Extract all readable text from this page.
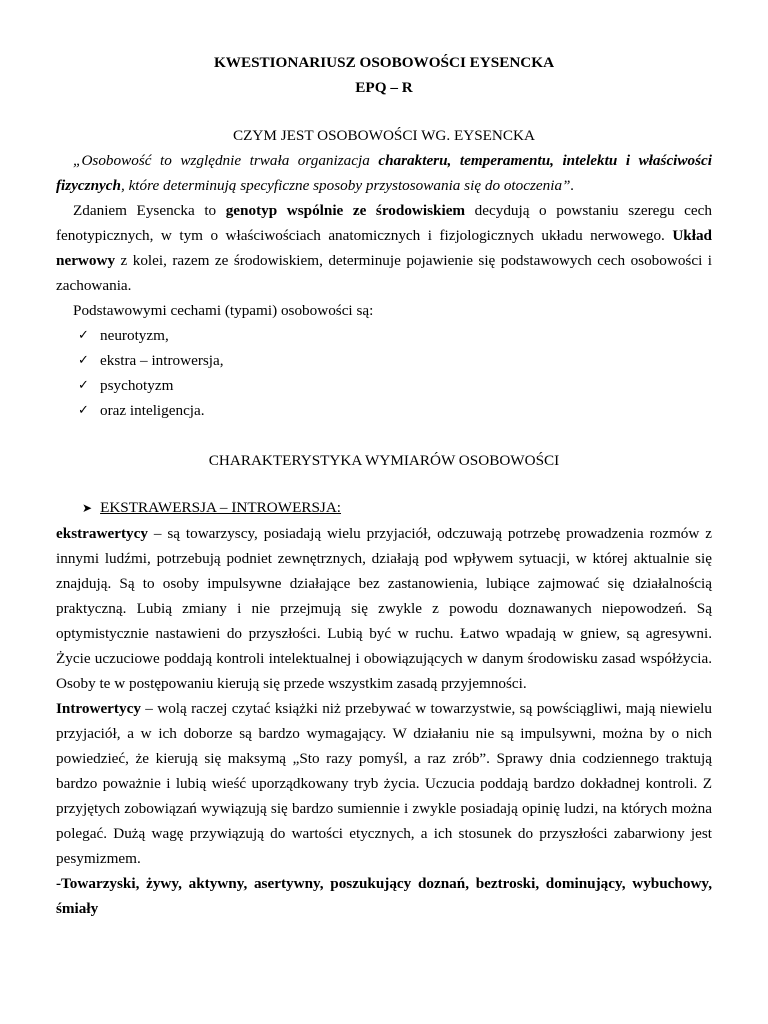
KWESTIONARIUSZ OSOBOWOŚCI EYSENCKA
EPQ – R
CZYM JEST OSOBOWOŚCI WG. EYSENCKA

„Osobowość to względnie trwała organizacja charakteru, temperamentu, intelektu i właściwości fizycznych, które determinują specyficzne sposoby przystosowania się do otoczenia”.

Zdaniem Eysencka to genotyp wspólnie ze środowiskiem decydują o powstaniu szeregu cech fenotypicznych, w tym o właściwościach anatomicznych i fizjologicznych układu nerwowego. Układ nerwowy z kolei, razem ze środowiskiem, determinuje pojawienie się podstawowych cech osobowości i zachowania.

Podstawowymi cechami (typami) osobowości są:

✓ neurotyzm,
✓ ekstra – introwersja,
✓ psychotyzm
✓ oraz inteligencja.
CHARAKTERYSTYKA WYMIARÓW OSOBOWOŚCI
➤ EKSTRAWERSJA – INTROWERSJA:

ekstrawertycy – są towarzyscy, posiadają wielu przyjaciół, odczuwają potrzebę prowadzenia rozmów z innymi ludźmi, potrzebują podniet zewnętrznych, działają pod wpływem sytuacji, w której aktualnie się znajdują. Są to osoby impulsywne działające bez zastanowienia, lubiące zajmować się działalnością praktyczną. Lubią zmiany i nie przejmują się zwykle z powodu doznawanych niepowodzeń. Są optymistycznie nastawieni do przyszłości. Lubią być w ruchu. Łatwo wpadają w gniew, są agresywni. Życie uczuciowe poddają kontroli intelektualnej i obowiązujących w danym środowisku zasad współżycia. Osoby te w postępowaniu kierują się przede wszystkim zasadą przyjemności.

Introwertycy – wolą raczej czytać książki niż przebywać w towarzystwie, są powściągliwi, mają niewielu przyjaciół, a w ich doborze są bardzo wymagający. W działaniu nie są impulsywni, można by o nich powiedzieć, że kierują się maksymą „Sto razy pomyśl, a raz zrób”. Sprawy dnia codziennego traktują bardzo poważnie i lubią wieść uporządkowany tryb życia. Uczucia poddają bardzo dokładnej kontroli. Z przyjętych zobowiązań wywiązują się bardzo sumiennie i zwykle posiadają opinię ludzi, na których można polegać. Dużą wagę przywiązują do wartości etycznych, a ich stosunek do przyszłości zabarwiony jest pesymizmem.

-Towarzyski, żywy, aktywny, asertywny, poszukujący doznań, beztroski, dominujący, wybuchowy, śmiały
